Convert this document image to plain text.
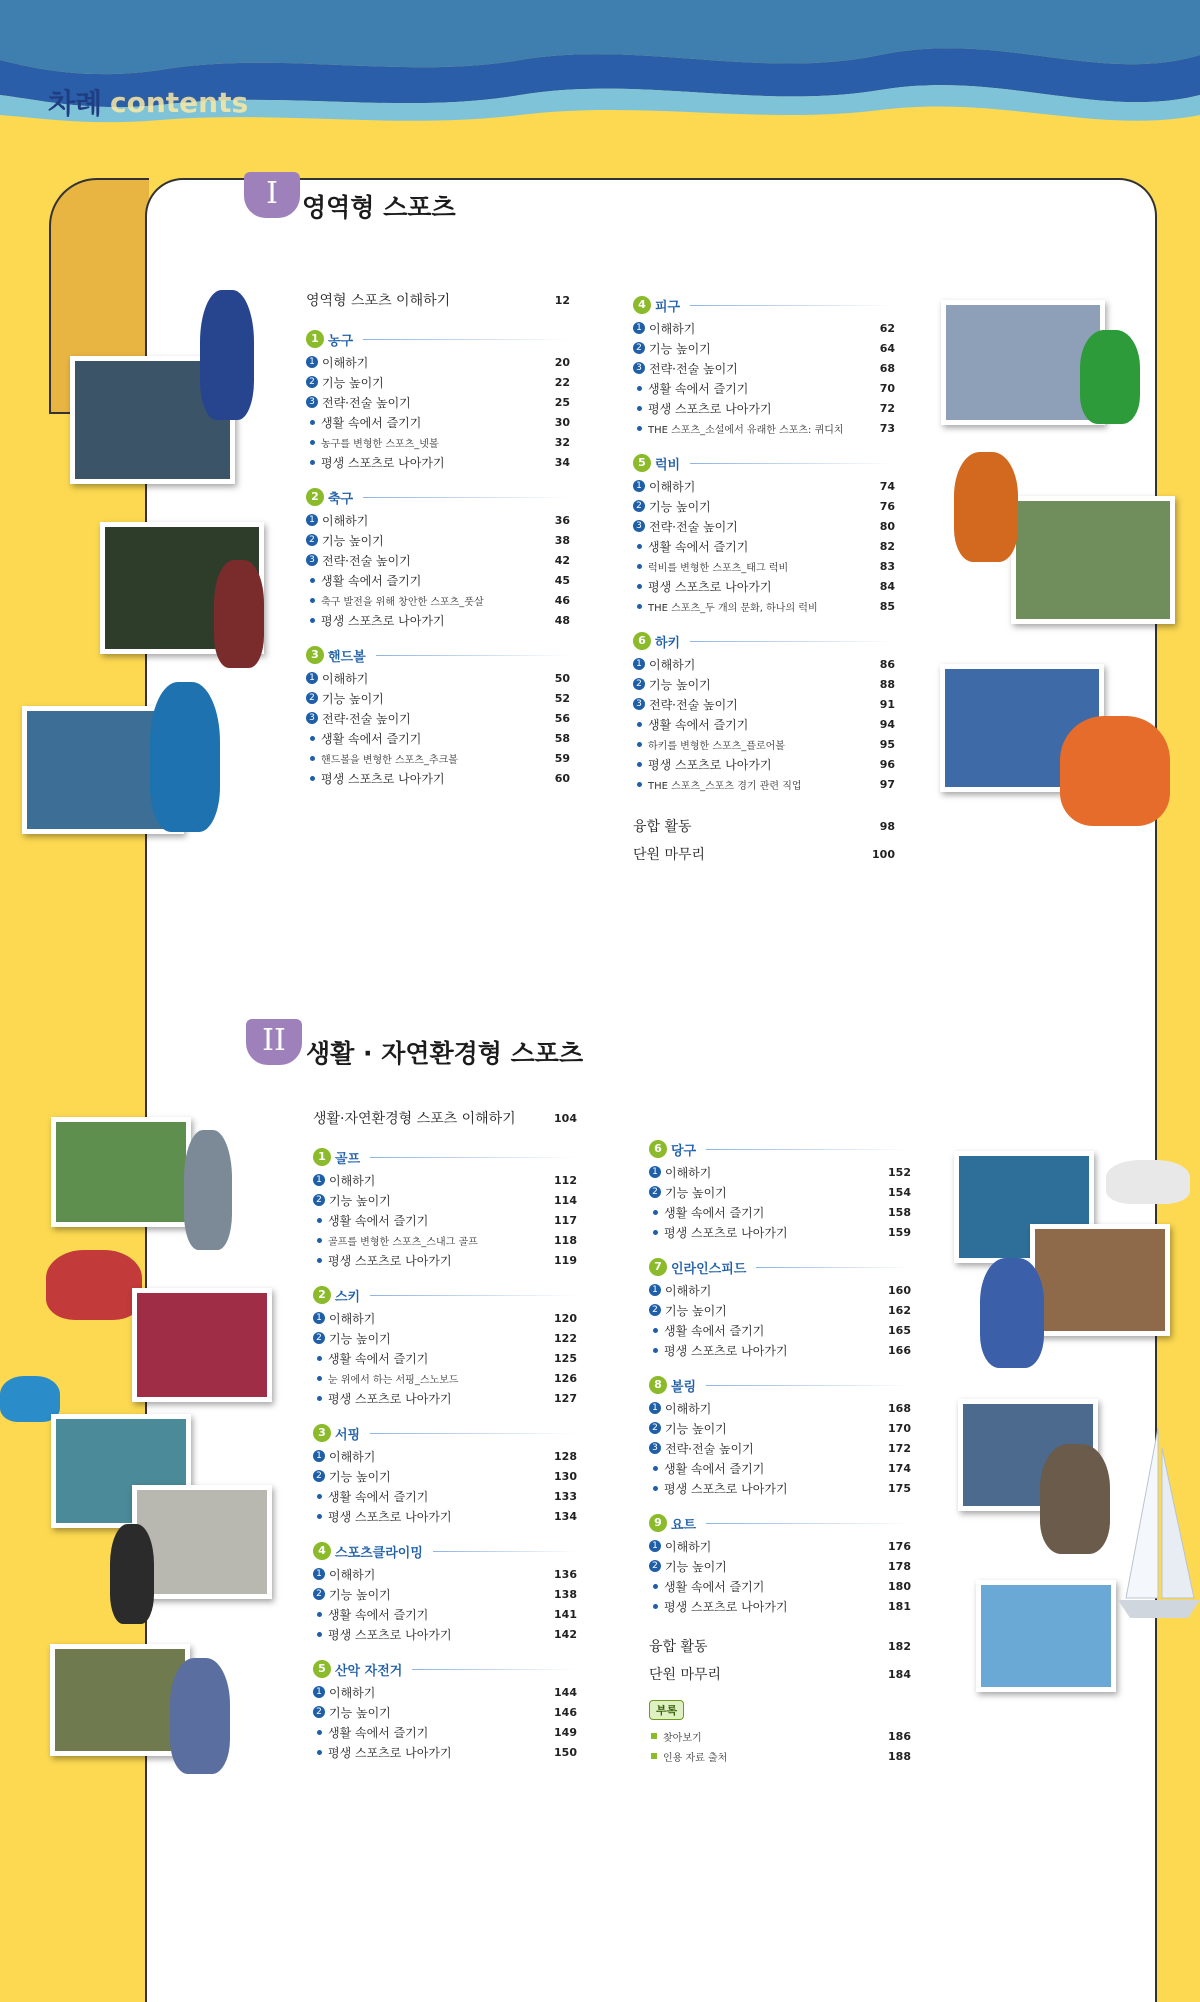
차례 contents
I 영역형 스포츠
영역형 스포츠 이해하기	12
1 농구
1 이해하기	20
2 기능 높이기	22
3 전략·전술 높이기	25
생활 속에서 즐기기	30
농구를 변형한 스포츠_넷볼	32
평생 스포츠로 나아가기	34
2 축구
1 이해하기	36
2 기능 높이기	38
3 전략·전술 높이기	42
생활 속에서 즐기기	45
축구 발전을 위해 창안한 스포츠_풋살	46
평생 스포츠로 나아가기	48
3 핸드볼
1 이해하기	50
2 기능 높이기	52
3 전략·전술 높이기	56
생활 속에서 즐기기	58
핸드볼을 변형한 스포츠_추크볼	59
평생 스포츠로 나아가기	60
4 피구
1 이해하기	62
2 기능 높이기	64
3 전략·전술 높이기	68
생활 속에서 즐기기	70
평생 스포츠로 나아가기	72
THE 스포츠_소설에서 유래한 스포츠: 퀴디치	73
5 럭비
1 이해하기	74
2 기능 높이기	76
3 전략·전술 높이기	80
생활 속에서 즐기기	82
럭비를 변형한 스포츠_태그 럭비	83
평생 스포츠로 나아가기	84
THE 스포츠_두 개의 문화, 하나의 럭비	85
6 하키
1 이해하기	86
2 기능 높이기	88
3 전략·전술 높이기	91
생활 속에서 즐기기	94
하키를 변형한 스포츠_플로어볼	95
평생 스포츠로 나아가기	96
THE 스포츠_스포츠 경기 관련 직업	97
융합 활동	98
단원 마무리	100
II 생활 · 자연환경형 스포츠
생활·자연환경형 스포츠 이해하기	104
1 골프
1 이해하기	112
2 기능 높이기	114
생활 속에서 즐기기	117
골프를 변형한 스포츠_스내그 골프	118
평생 스포츠로 나아가기	119
2 스키
1 이해하기	120
2 기능 높이기	122
생활 속에서 즐기기	125
눈 위에서 하는 서핑_스노보드	126
평생 스포츠로 나아가기	127
3 서핑
1 이해하기	128
2 기능 높이기	130
생활 속에서 즐기기	133
평생 스포츠로 나아가기	134
4 스포츠클라이밍
1 이해하기	136
2 기능 높이기	138
생활 속에서 즐기기	141
평생 스포츠로 나아가기	142
5 산악 자전거
1 이해하기	144
2 기능 높이기	146
생활 속에서 즐기기	149
평생 스포츠로 나아가기	150
6 당구
1 이해하기	152
2 기능 높이기	154
생활 속에서 즐기기	158
평생 스포츠로 나아가기	159
7 인라인스피드
1 이해하기	160
2 기능 높이기	162
생활 속에서 즐기기	165
평생 스포츠로 나아가기	166
8 볼링
1 이해하기	168
2 기능 높이기	170
3 전략·전술 높이기	172
생활 속에서 즐기기	174
평생 스포츠로 나아가기	175
9 요트
1 이해하기	176
2 기능 높이기	178
생활 속에서 즐기기	180
평생 스포츠로 나아가기	181
융합 활동	182
단원 마무리	184
부록
찾아보기	186
인용 자료 출처	188
